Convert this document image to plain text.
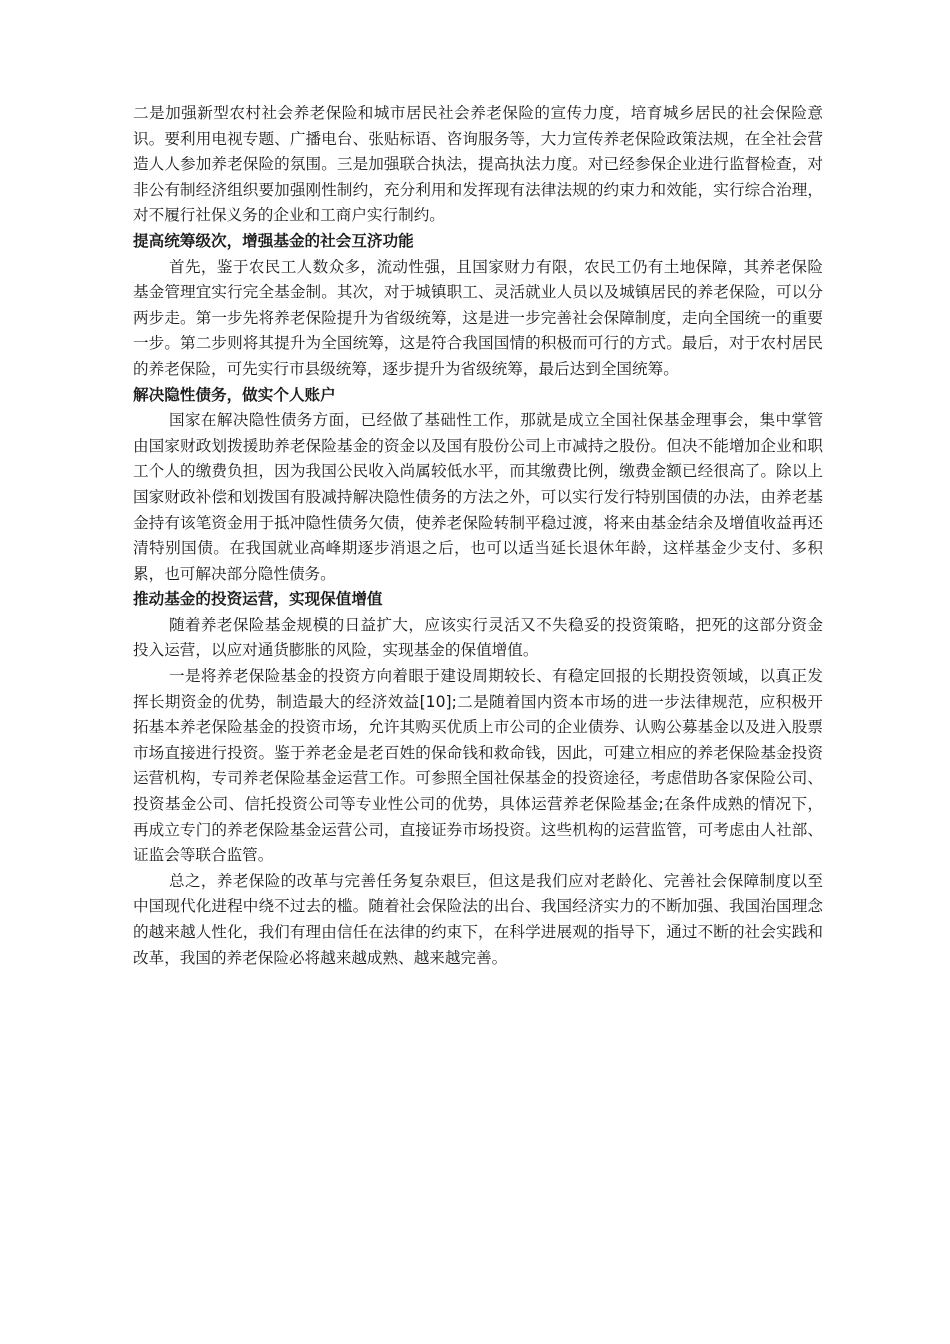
二是加强新型农村社会养老保险和城市居民社会养老保险的宣传力度，培育城乡居民的社会保险意识。要利用电视专题、广播电台、张贴标语、咨询服务等，大力宣传养老保险政策法规，在全社会营造人人参加养老保险的氛围。三是加强联合执法，提高执法力度。对已经参保企业进行监督检查，对非公有制经济组织要加强刚性制约，充分利用和发挥现有法律法规的约束力和效能，实行综合治理，对不履行社保义务的企业和工商户实行制约。

提高统筹级次，增强基金的社会互济功能

首先，鉴于农民工人数众多，流动性强，且国家财力有限，农民工仍有土地保障，其养老保险基金管理宜实行完全基金制。其次，对于城镇职工、灵活就业人员以及城镇居民的养老保险，可以分两步走。第一步先将养老保险提升为省级统筹，这是进一步完善社会保障制度，走向全国统一的重要一步。第二步则将其提升为全国统筹，这是符合我国国情的积极而可行的方式。最后，对于农村居民的养老保险，可先实行市县级统筹，逐步提升为省级统筹，最后达到全国统筹。

解决隐性债务，做实个人账户

国家在解决隐性债务方面，已经做了基础性工作，那就是成立全国社保基金理事会，集中掌管由国家财政划拨援助养老保险基金的资金以及国有股份公司上市减持之股份。但决不能增加企业和职工个人的缴费负担，因为我国公民收入尚属较低水平，而其缴费比例，缴费金额已经很高了。除以上国家财政补偿和划拨国有股减持解决隐性债务的方法之外，可以实行发行特别国债的办法，由养老基金持有该笔资金用于抵冲隐性债务欠债，使养老保险转制平稳过渡，将来由基金结余及增值收益再还清特别国债。在我国就业高峰期逐步消退之后，也可以适当延长退休年龄，这样基金少支付、多积累，也可解决部分隐性债务。

推动基金的投资运营，实现保值增值

随着养老保险基金规模的日益扩大，应该实行灵活又不失稳妥的投资策略，把死的这部分资金投入运营，以应对通货膨胀的风险，实现基金的保值增值。

一是将养老保险基金的投资方向着眼于建设周期较长、有稳定回报的长期投资领域，以真正发挥长期资金的优势，制造最大的经济效益[10];二是随着国内资本市场的进一步法律规范，应积极开拓基本养老保险基金的投资市场，允许其购买优质上市公司的企业债券、认购公募基金以及进入股票市场直接进行投资。鉴于养老金是老百姓的保命钱和救命钱，因此，可建立相应的养老保险基金投资运营机构，专司养老保险基金运营工作。可参照全国社保基金的投资途径，考虑借助各家保险公司、投资基金公司、信托投资公司等专业性公司的优势，具体运营养老保险基金;在条件成熟的情况下，再成立专门的养老保险基金运营公司，直接证券市场投资。这些机构的运营监管，可考虑由人社部、证监会等联合监管。

总之，养老保险的改革与完善任务复杂艰巨，但这是我们应对老龄化、完善社会保障制度以至中国现代化进程中绕不过去的槛。随着社会保险法的出台、我国经济实力的不断加强、我国治国理念的越来越人性化，我们有理由信任在法律的约束下，在科学进展观的指导下，通过不断的社会实践和改革，我国的养老保险必将越来越成熟、越来越完善。
